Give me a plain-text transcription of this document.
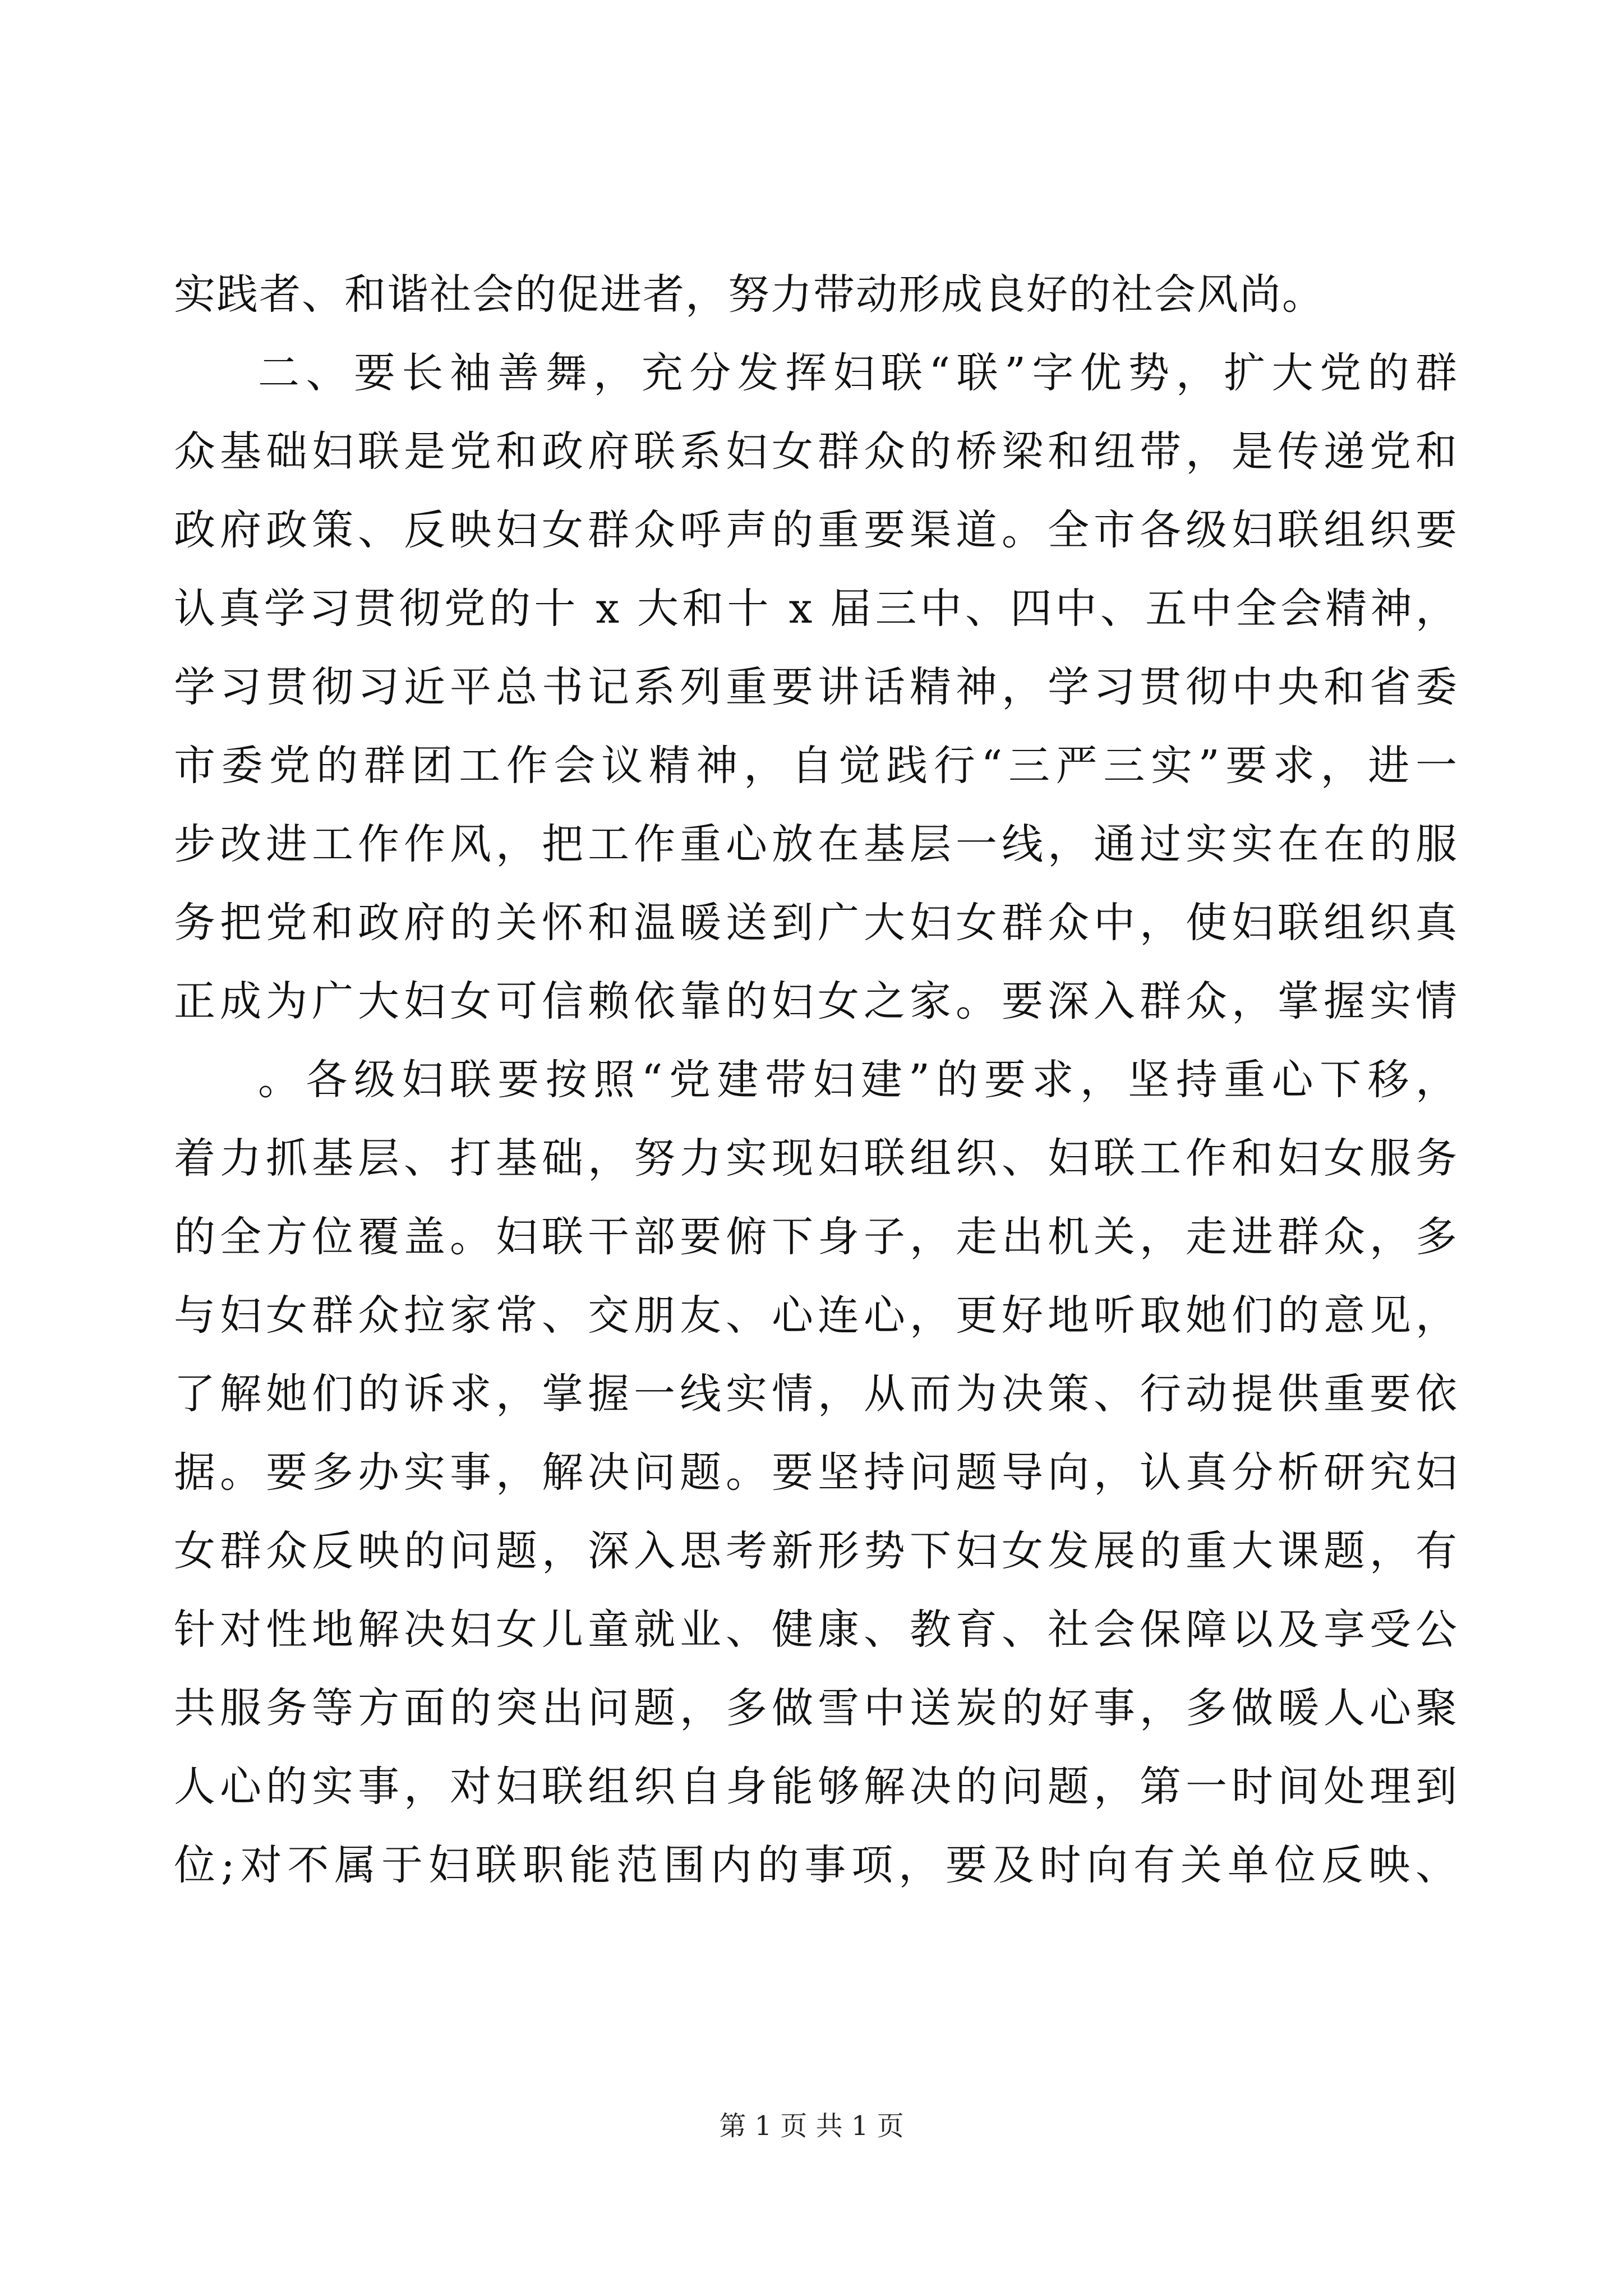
实践者、和谐社会的促进者，努力带动形成良好的社会风尚。
二、要长袖善舞，充分发挥妇联“联”字优势，扩大党的群
众基础妇联是党和政府联系妇女群众的桥梁和纽带，是传递党和
政府政策、反映妇女群众呼声的重要渠道。全市各级妇联组织要
认真学习贯彻党的十 x 大和十 x 届三中、四中、五中全会精神，
学习贯彻习近平总书记系列重要讲话精神，学习贯彻中央和省委
市委党的群团工作会议精神，自觉践行“三严三实”要求，进一
步改进工作作风，把工作重心放在基层一线，通过实实在在的服
务把党和政府的关怀和温暖送到广大妇女群众中，使妇联组织真
正成为广大妇女可信赖依靠的妇女之家。要深入群众，掌握实情
。各级妇联要按照“党建带妇建”的要求，坚持重心下移，
着力抓基层、打基础，努力实现妇联组织、妇联工作和妇女服务
的全方位覆盖。妇联干部要俯下身子，走出机关，走进群众，多
与妇女群众拉家常、交朋友、心连心，更好地听取她们的意见，
了解她们的诉求，掌握一线实情，从而为决策、行动提供重要依
据。要多办实事，解决问题。要坚持问题导向，认真分析研究妇
女群众反映的问题，深入思考新形势下妇女发展的重大课题，有
针对性地解决妇女儿童就业、健康、教育、社会保障以及享受公
共服务等方面的突出问题，多做雪中送炭的好事，多做暖人心聚
人心的实事，对妇联组织自身能够解决的问题，第一时间处理到
位;对不属于妇联职能范围内的事项，要及时向有关单位反映、
第 1 页 共 1 页
